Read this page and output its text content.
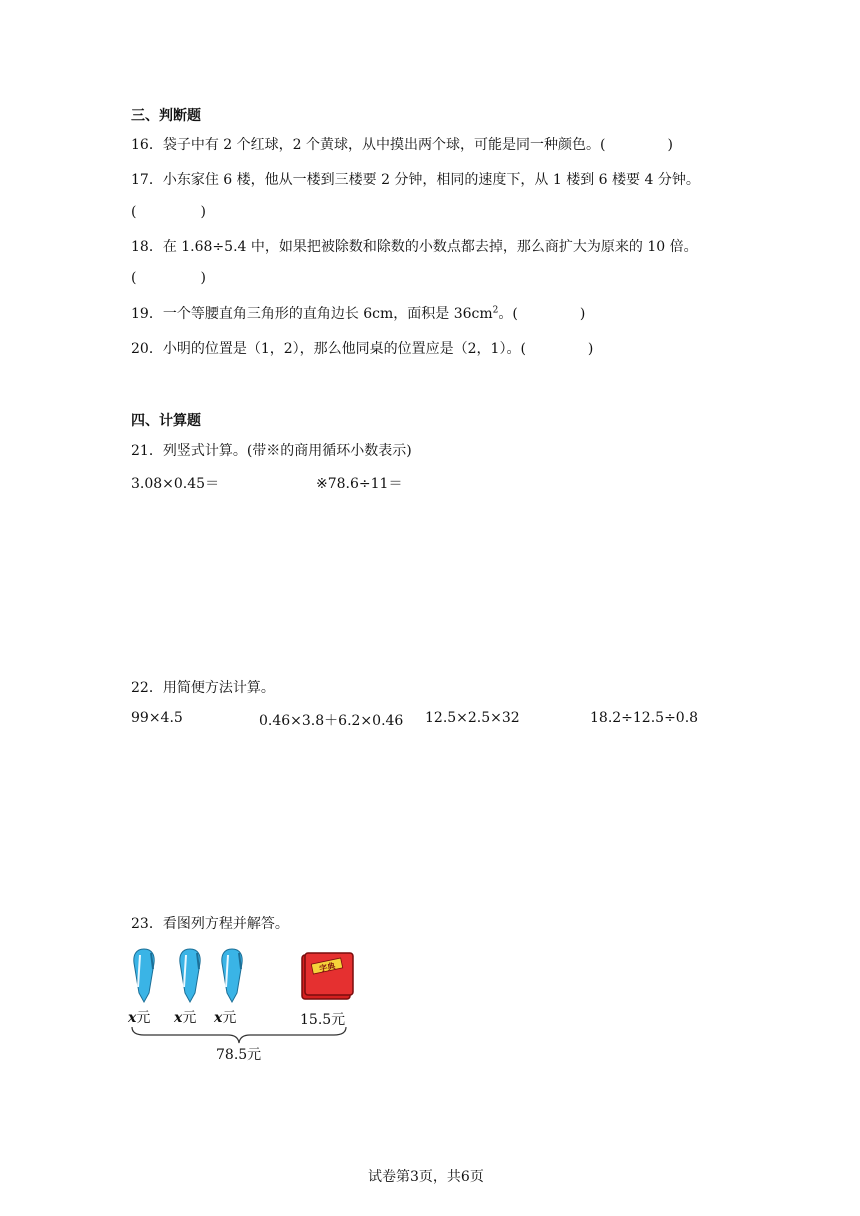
三、判断题
16．袋子中有 2 个红球，2 个黄球，从中摸出两个球，可能是同一种颜色。(	)
17．小东家住 6 楼，他从一楼到三楼要 2 分钟，相同的速度下，从 1 楼到 6 楼要 4 分钟。
(	)
18．在 1.68÷5.4 中，如果把被除数和除数的小数点都去掉，那么商扩大为原来的 10 倍。
(	)
19．一个等腰直角三角形的直角边长 6cm，面积是 $36cm^2$。(	)
20．小明的位置是（1，2），那么他同桌的位置应是（2，1）。(	)
四、计算题
21．列竖式计算。(带※的商用循环小数表示)
3.08×0.45＝	※78.6÷11＝
22．用简便方法计算。
99×4.5	0.46×3.8＋6.2×0.46 12.5×2.5×32	18.2÷12.5÷0.8
23．看图列方程并解答。
字典
x元 x元 x元	15.5元
78.5元
试卷第3页，共6页
